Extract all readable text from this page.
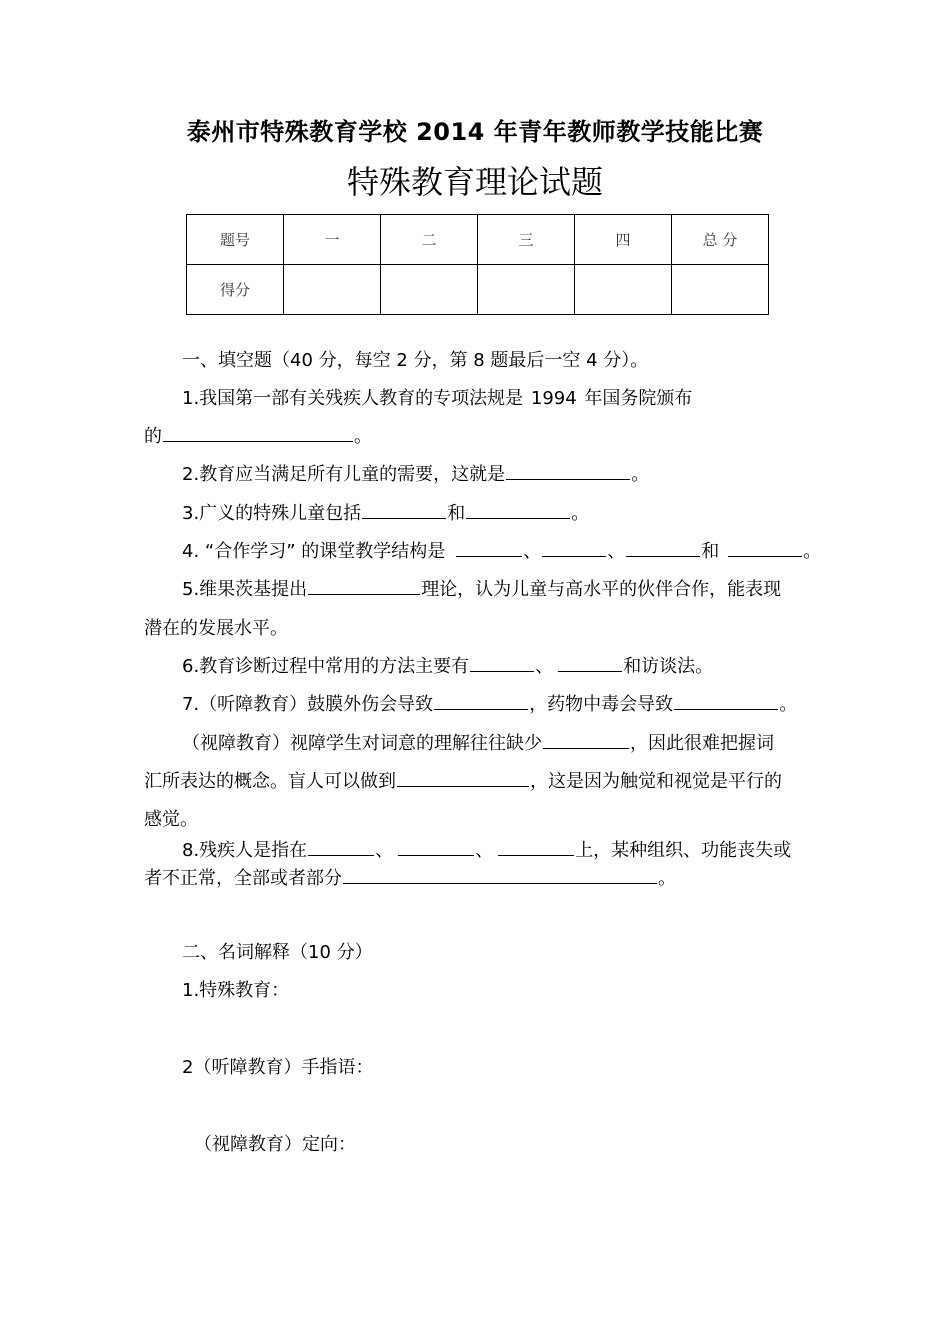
泰州市特殊教育学校 2014 年青年教师教学技能比赛
特殊教育理论试题
题号	一	二	三	四	总 分
得分					
一、填空题（40 分，每空 2 分，第 8 题最后一空 4 分）。
1.我国第一部有关残疾人教育的专项法规是 1994 年国务院颁布
的	。
2.教育应当满足所有儿童的需要，这就是	。
3.广义的特殊儿童包括	和	。
4. “合作学习” 的课堂教学结构是	、	、	和	。
5.维果茨基提出	理论，认为儿童与高水平的伙伴合作，能表现
潜在的发展水平。
6.教育诊断过程中常用的方法主要有	、	和访谈法。
7.（听障教育）鼓膜外伤会导致	，药物中毒会导致	。
（视障教育）视障学生对词意的理解往往缺少	，因此很难把握词
汇所表达的概念。盲人可以做到	，这是因为触觉和视觉是平行的
感觉。
8.残疾人是指在	、	、	上，某种组织、功能丧失或
者不正常，全部或者部分	。
二、名词解释（10 分）
1.特殊教育：
2（听障教育）手指语：
（视障教育）定向：
